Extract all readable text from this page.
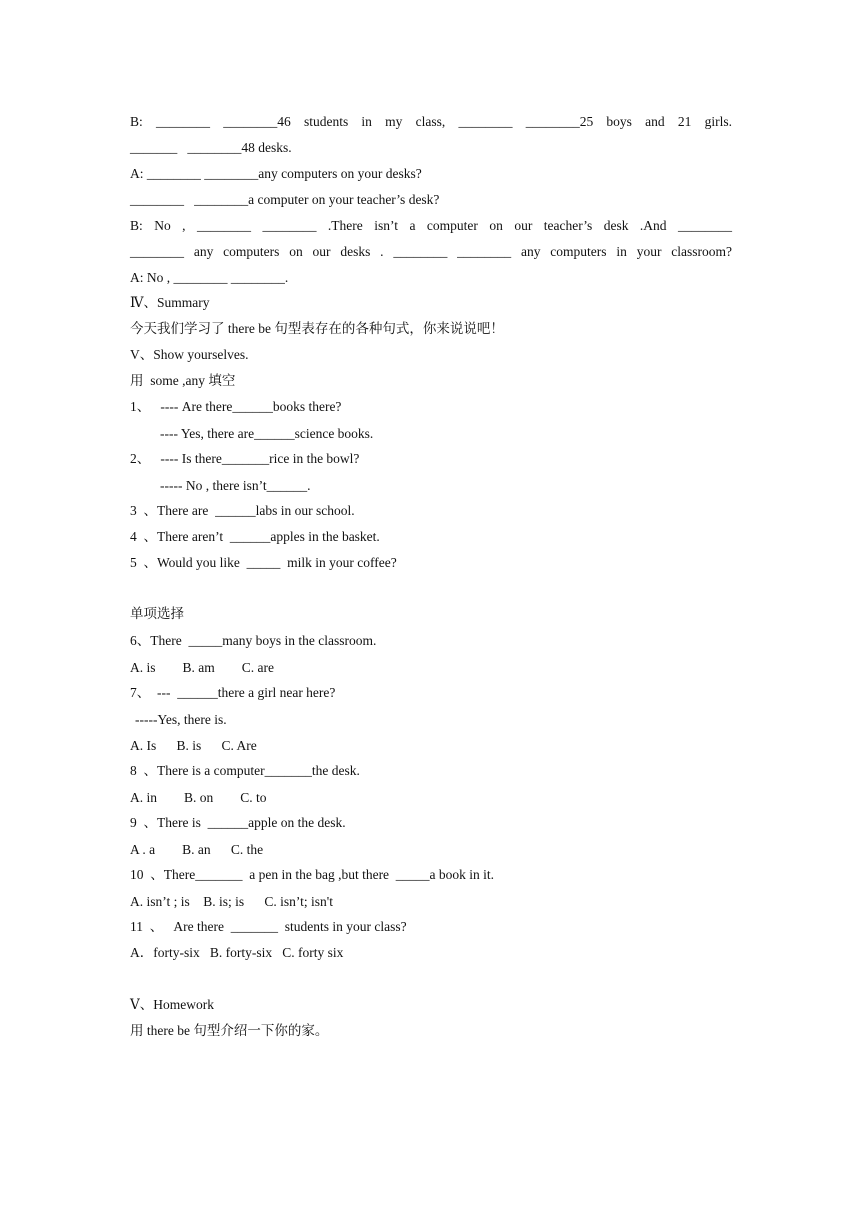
B: ________ ________46 students in my class, ________ ________25 boys and 21 girls.

_______   ________48 desks.

A: ________ ________any computers on your desks?

________   ________a computer on your teacher’s desk?

B: No , ________ ________ .There isn’t a computer on our teacher’s desk .And ________

________ any computers on our desks . ________ ________ any computers in your classroom?

A: No , ________ ________.

Ⅳ、Summary

今天我们学习了 there be 句型表存在的各种句式，你来说说吧！

V、Show yourselves.

用  some ,any 填空

1、   ---- Are there______books there?

---- Yes, there are______science books.

2、   ---- Is there_______rice in the bowl?

----- No , there isn’t______.

3  、There are  ______labs in our school.

4  、There aren’t  ______apples in the basket.

5  、Would you like  _____  milk in your coffee?

单项选择

6、There  _____many boys in the classroom.

A. is        B. am        C. are

7、  ---  ______there a girl near here?

-----Yes, there is.

A. Is      B. is      C. Are

8  、There is a computer_______the desk.

A. in        B. on        C. to

9  、There is  ______apple on the desk.

A . a        B. an      C. the

10  、There_______  a pen in the bag ,but there  _____a book in it.

A. isn’t ; is    B. is; is      C. isn’t; isn't

11  、   Are there  _______  students in your class?

A．forty-six   B. forty-six   C. forty six

Ⅴ、Homework

用 there be 句型介绍一下你的家。
